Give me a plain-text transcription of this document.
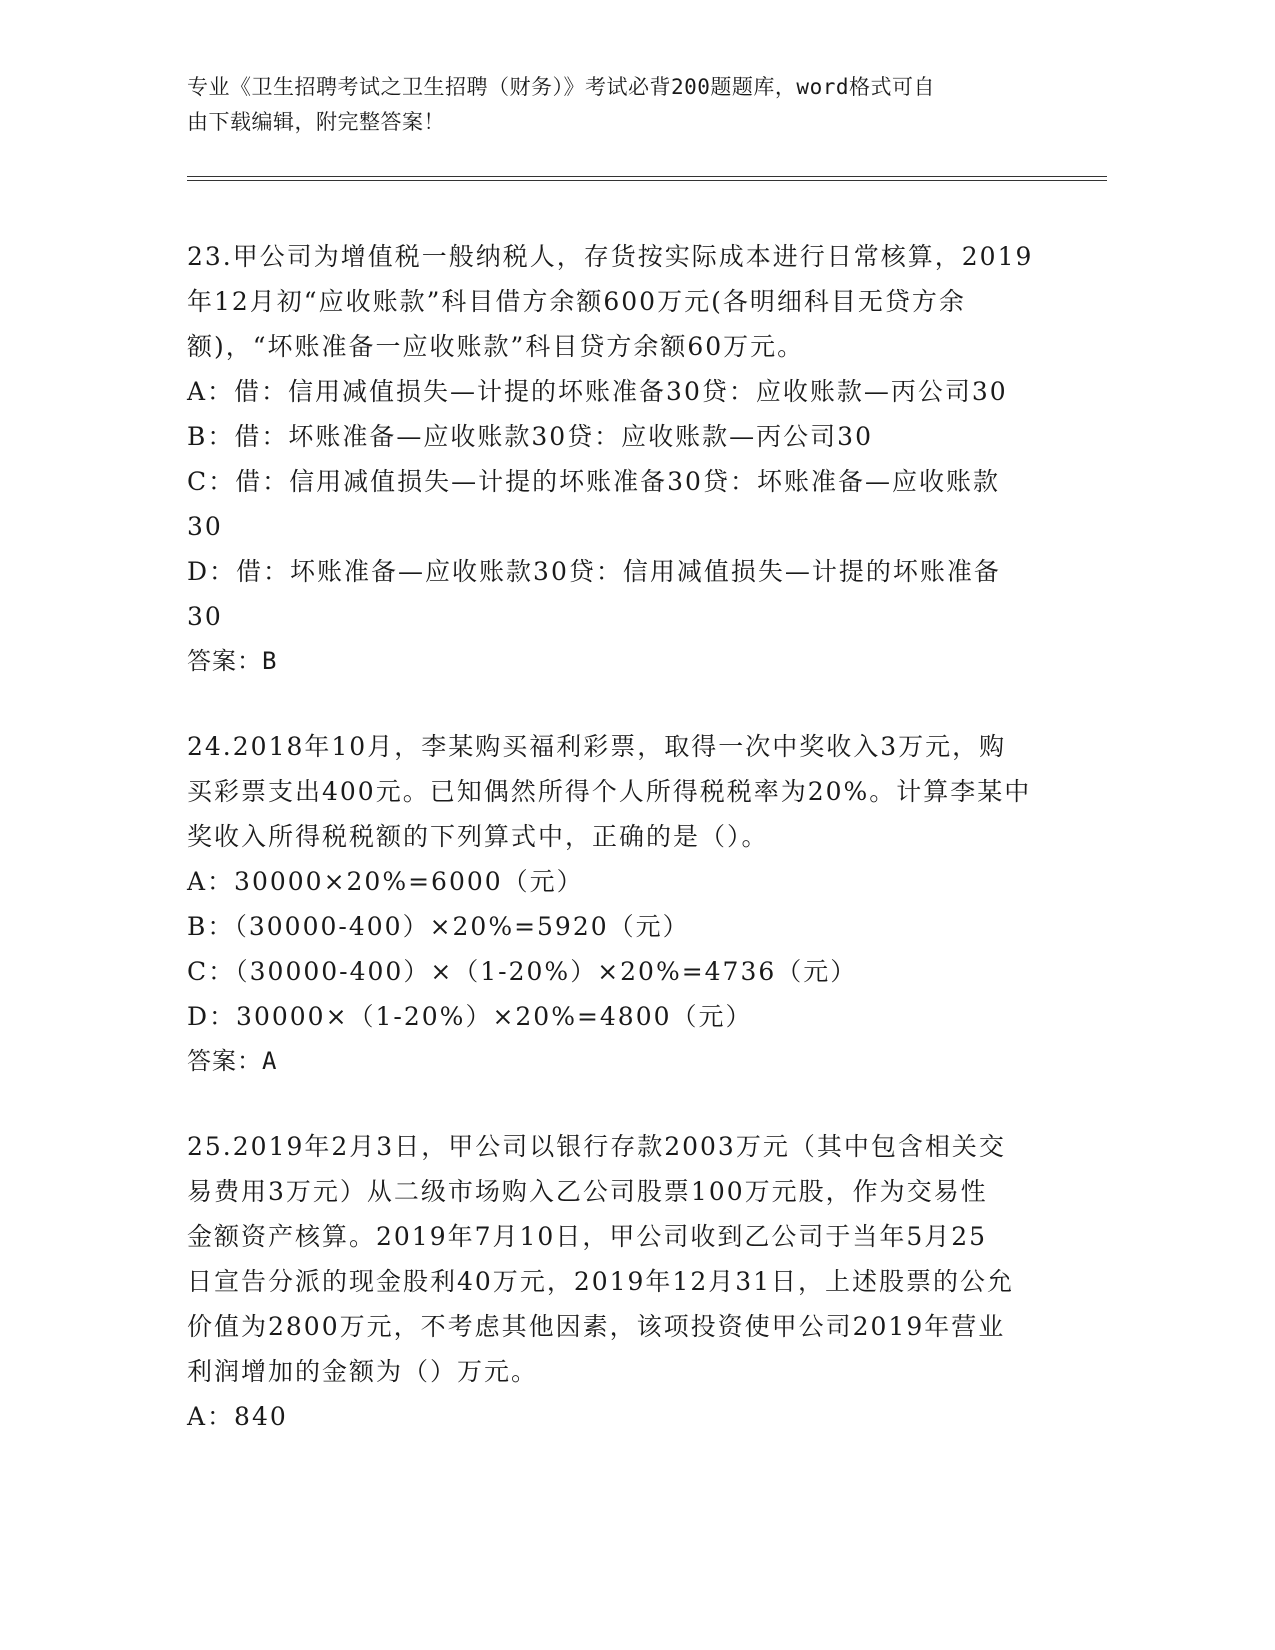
专业《卫生招聘考试之卫生招聘（财务）》考试必背200题题库，word格式可自

由下载编辑，附完整答案！

23.甲公司为增值税一般纳税人，存货按实际成本进行日常核算，2019

年12月初“应收账款”科目借方余额600万元(各明细科目无贷方余

额)，“坏账准备一应收账款”科目贷方余额60万元。

A：借：信用减值损失—计提的坏账准备30贷：应收账款—丙公司30

B：借：坏账准备—应收账款30贷：应收账款—丙公司30

C：借：信用减值损失—计提的坏账准备30贷：坏账准备—应收账款

30

D：借：坏账准备—应收账款30贷：信用减值损失—计提的坏账准备

30

答案：B

24.2018年10月，李某购买福利彩票，取得一次中奖收入3万元，购

买彩票支出400元。已知偶然所得个人所得税税率为20%。计算李某中

奖收入所得税税额的下列算式中，正确的是（）。

A：30000×20%=6000（元）

B：（30000-400）×20%=5920（元）

C：（30000-400）×（1-20%）×20%=4736（元）

D：30000×（1-20%）×20%=4800（元）

答案：A

25.2019年2月3日，甲公司以银行存款2003万元（其中包含相关交

易费用3万元）从二级市场购入乙公司股票100万元股，作为交易性

金额资产核算。2019年7月10日，甲公司收到乙公司于当年5月25

日宣告分派的现金股利40万元，2019年12月31日，上述股票的公允

价值为2800万元，不考虑其他因素，该项投资使甲公司2019年营业

利润增加的金额为（）万元。

A：840
